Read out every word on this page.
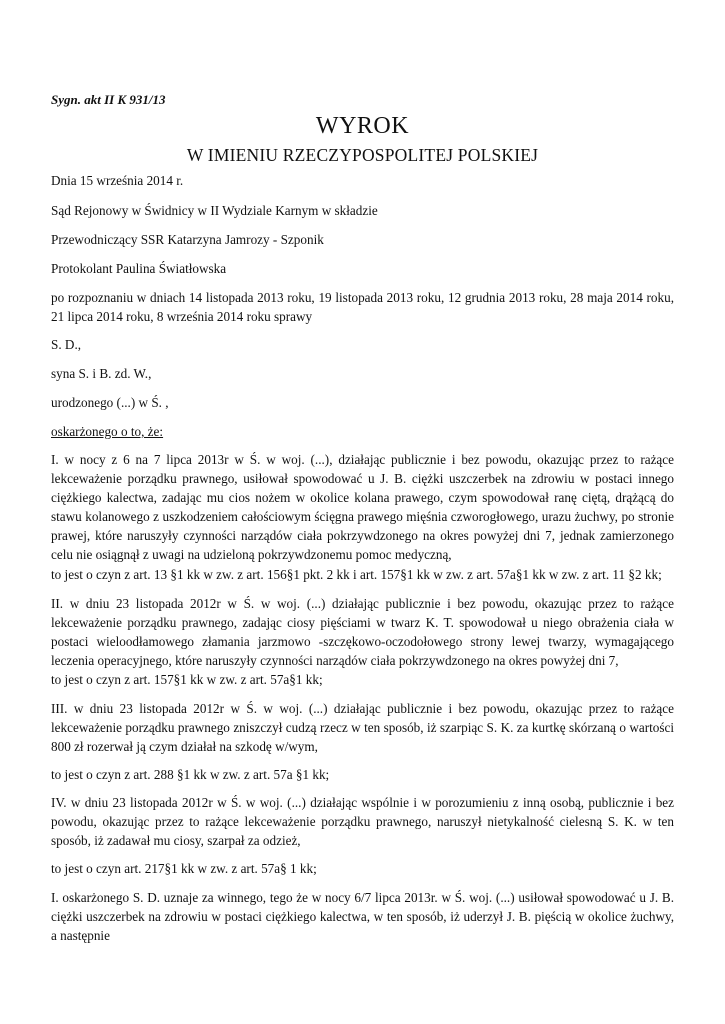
Sygn. akt II K 931/13
WYROK
W IMIENIU RZECZYPOSPOLITEJ POLSKIEJ
Dnia 15 września 2014 r.
Sąd Rejonowy w Świdnicy w II Wydziale Karnym w składzie
Przewodniczący SSR Katarzyna Jamrozy - Szponik
Protokolant Paulina Światłowska

po rozpoznaniu w dniach 14 listopada 2013 roku, 19 listopada 2013 roku, 12 grudnia 2013 roku, 28 maja 2014 roku, 21 lipca 2014 roku, 8 września 2014 roku sprawy

S. D.,
syna S. i B. zd. W.,
urodzonego (...) w Ś. ,
oskarżonego o to, że:

I. w nocy z 6 na 7 lipca 2013r w Ś. w woj. (...), działając publicznie i bez powodu, okazując przez to rażące lekceważenie porządku prawnego, usiłował spowodować u J. B. ciężki uszczerbek na zdrowiu w postaci innego ciężkiego kalectwa, zadając mu cios nożem w okolice kolana prawego, czym spowodował ranę ciętą, drążącą do stawu kolanowego z uszkodzeniem całościowym ścięgna prawego mięśnia czworogłowego, urazu żuchwy, po stronie prawej, które naruszyły czynności narządów ciała pokrzywdzonego na okres powyżej dni 7, jednak zamierzonego celu nie osiągnął z uwagi na udzieloną pokrzywdzonemu pomoc medyczną,

to jest o czyn z art. 13 §1 kk w zw. z art. 156§1 pkt. 2 kk i art. 157§1 kk w zw. z art. 57a§1 kk w zw. z art. 11 §2 kk;

II. w dniu 23 listopada 2012r w Ś. w woj. (...) działając publicznie i bez powodu, okazując przez to rażące lekceważenie porządku prawnego, zadając ciosy pięściami w twarz K. T. spowodował u niego obrażenia ciała w postaci wieloodłamowego złamania jarzmowo -szczękowo-oczodołowego strony lewej twarzy, wymagającego leczenia operacyjnego, które naruszyły czynności narządów ciała pokrzywdzonego na okres powyżej dni 7,

to jest o czyn z art. 157§1 kk w zw. z art. 57a§1 kk;

III. w dniu 23 listopada 2012r w Ś. w woj. (...) działając publicznie i bez powodu, okazując przez to rażące lekceważenie porządku prawnego zniszczył cudzą rzecz w ten sposób, iż szarpiąc S. K. za kurtkę skórzaną o wartości 800 zł rozerwał ją czym działał na szkodę w/wym,

to jest o czyn z art. 288 §1 kk w zw. z art. 57a §1 kk;

IV. w dniu 23 listopada 2012r w Ś. w woj. (...) działając wspólnie i w porozumieniu z inną osobą, publicznie i bez powodu, okazując przez to rażące lekceważenie porządku prawnego, naruszył nietykalność cielesną S. K. w ten sposób, iż zadawał mu ciosy, szarpał za odzież,

to jest o czyn art. 217§1 kk w zw. z art. 57a§ 1 kk;

I. oskarżonego S. D. uznaje za winnego, tego że w nocy 6/7 lipca 2013r. w Ś. woj. (...) usiłował spowodować u J. B. ciężki uszczerbek na zdrowiu w postaci ciężkiego kalectwa, w ten sposób, iż uderzył J. B. pięścią w okolice żuchwy, a następnie
